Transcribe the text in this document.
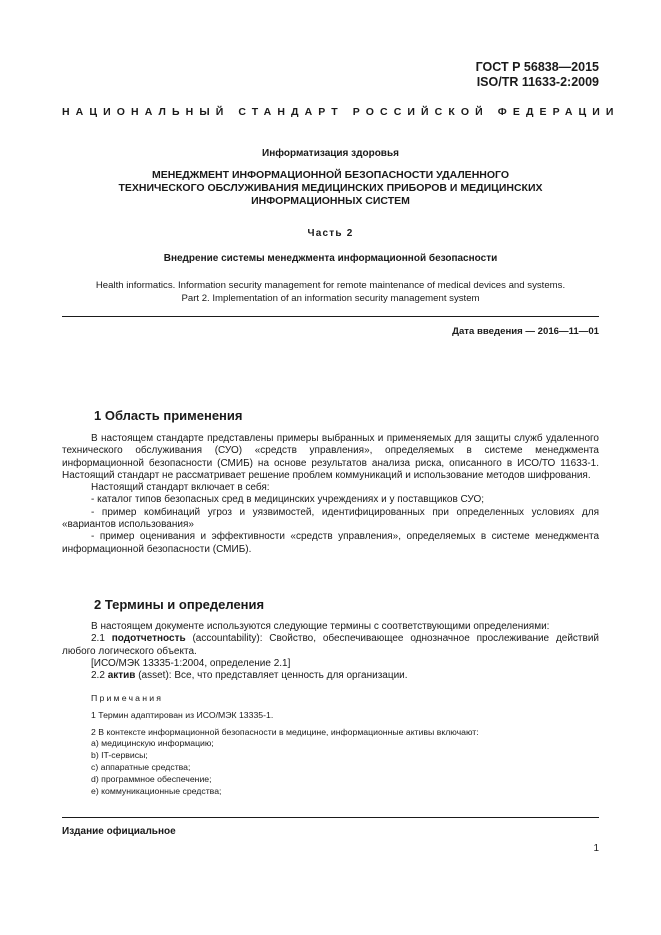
ГОСТ Р 56838—2015
ISO/TR 11633-2:2009
НАЦИОНАЛЬНЫЙ СТАНДАРТ РОССИЙСКОЙ ФЕДЕРАЦИИ
Информатизация здоровья
МЕНЕДЖМЕНТ ИНФОРМАЦИОННОЙ БЕЗОПАСНОСТИ УДАЛЕННОГО
ТЕХНИЧЕСКОГО ОБСЛУЖИВАНИЯ МЕДИЦИНСКИХ ПРИБОРОВ И МЕДИЦИНСКИХ
ИНФОРМАЦИОННЫХ СИСТЕМ
Часть 2
Внедрение системы менеджмента информационной безопасности
Health informatics. Information security management for remote maintenance of medical devices and systems.
Part 2. Implementation of an information security management system
Дата введения — 2016—11—01
1 Область применения

В настоящем стандарте представлены примеры выбранных и применяемых для защиты служб удаленного технического обслуживания (СУО) «средств управления», определяемых в системе менеджмента информационной безопасности (СМИБ) на основе результатов анализа риска, описанного в ИСО/ТО 11633-1. Настоящий стандарт не рассматривает решение проблем коммуникаций и использование методов шифрования.

Настоящий стандарт включает в себя:

- каталог типов безопасных сред в медицинских учреждениях и у поставщиков СУО;

- пример комбинаций угроз и уязвимостей, идентифицированных при определенных условиях для «вариантов использования»

- пример оценивания и эффективности «средств управления», определяемых в системе менеджмента информационной безопасности (СМИБ).

2 Термины и определения

В настоящем документе используются следующие термины с соответствующими определениями:

2.1 подотчетность (accountability): Свойство, обеспечивающее однозначное прослеживание действий любого логического объекта.

[ИСО/МЭК 13335-1:2004, определение 2.1]

2.2 актив (asset): Все, что представляет ценность для организации.

Примечания

1 Термин адаптирован из ИСО/МЭК 13335-1.

2 В контексте информационной безопасности в медицине, информационные активы включают:

а) медицинскую информацию;

b) IT-сервисы;

c) аппаратные средства;

d) программное обеспечение;

e) коммуникационные средства;

Издание официальное
1
